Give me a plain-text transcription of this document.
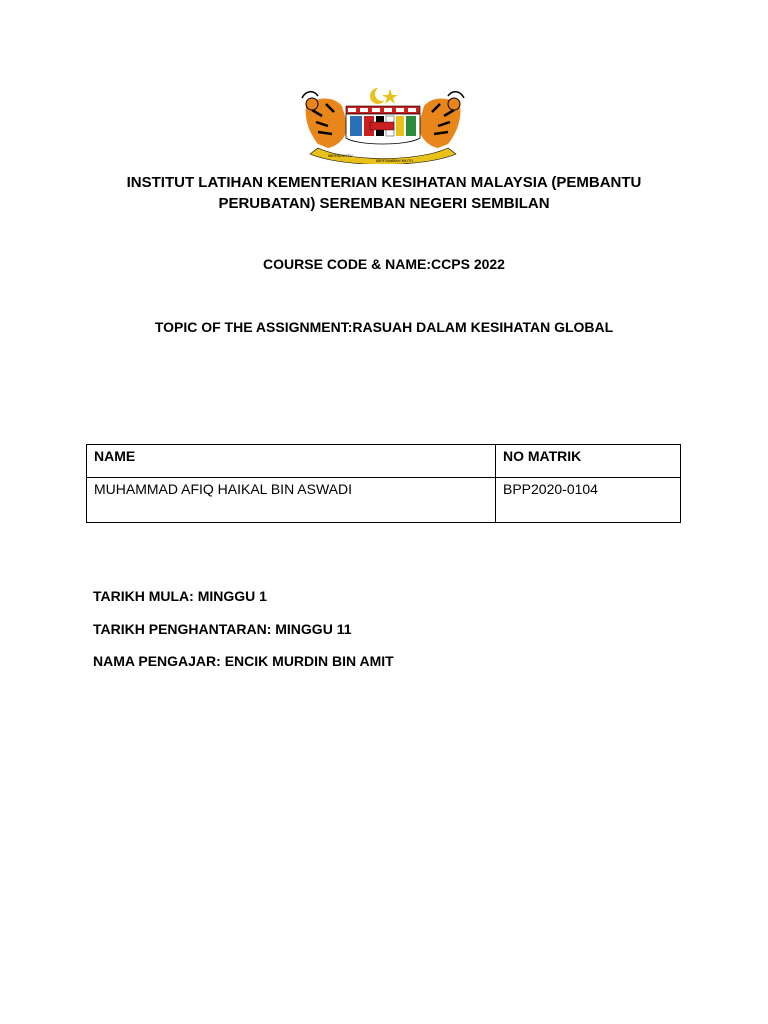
BERSEKUTU
BERTAMBAH MUTU
INSTITUT LATIHAN KEMENTERIAN KESIHATAN MALAYSIA (PEMBANTU PERUBATAN) SEREMBAN NEGERI SEMBILAN
COURSE CODE & NAME:CCPS 2022
TOPIC OF THE ASSIGNMENT:RASUAH DALAM KESIHATAN GLOBAL
NAME	NO MATRIK
MUHAMMAD AFIQ HAIKAL BIN ASWADI	BPP2020-0104
TARIKH MULA: MINGGU 1
TARIKH PENGHANTARAN: MINGGU 11
NAMA PENGAJAR: ENCIK MURDIN BIN AMIT
